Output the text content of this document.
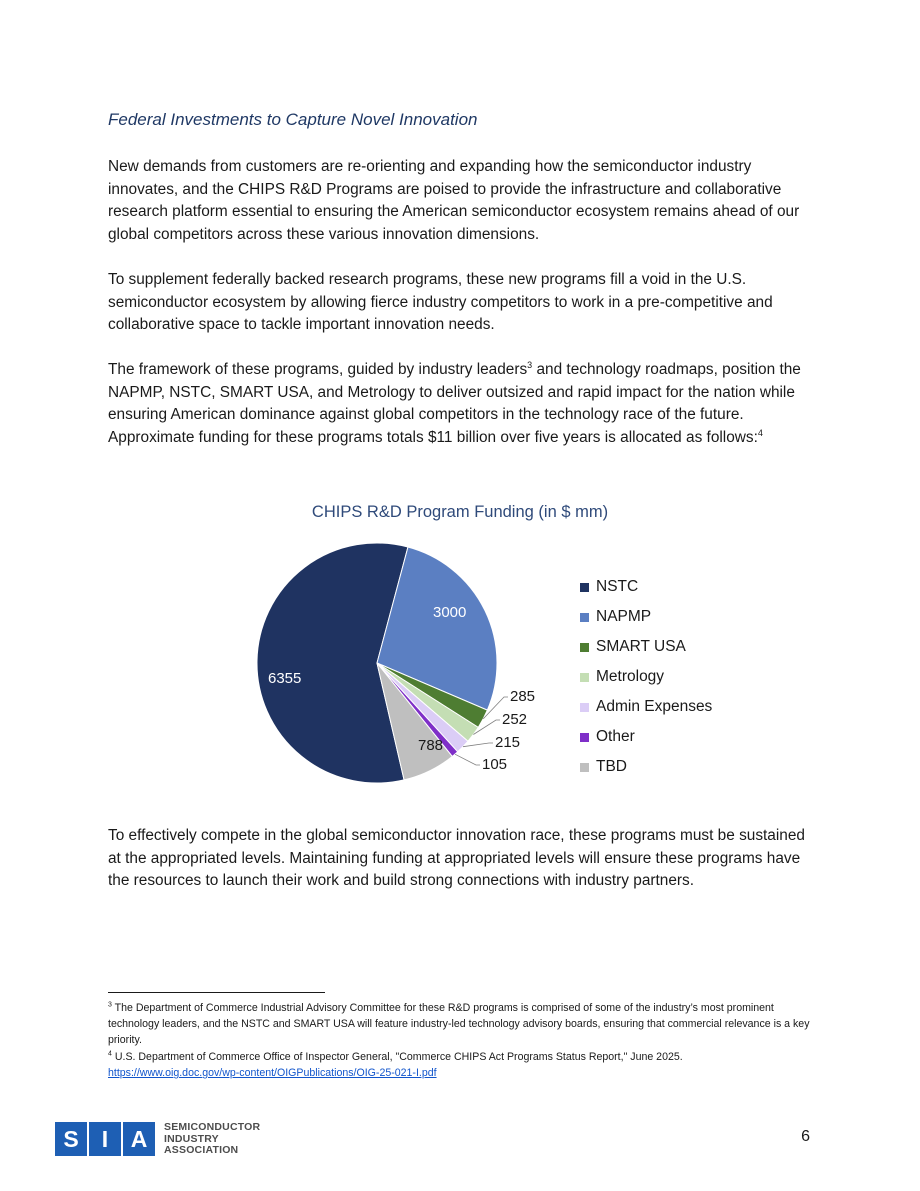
Federal Investments to Capture Novel Innovation

New demands from customers are re-orienting and expanding how the semiconductor industry innovates, and the CHIPS R&D Programs are poised to provide the infrastructure and collaborative research platform essential to ensuring the American semiconductor ecosystem remains ahead of our global competitors across these various innovation dimensions.

To supplement federally backed research programs, these new programs fill a void in the U.S. semiconductor ecosystem by allowing fierce industry competitors to work in a pre-competitive and collaborative space to tackle important innovation needs.

The framework of these programs, guided by industry leaders$^3$ and technology roadmaps, position the NAPMP, NSTC, SMART USA, and Metrology to deliver outsized and rapid impact for the nation while ensuring American dominance against global competitors in the technology race of the future. Approximate funding for these programs totals $11 billion over five years is allocated as follows:$^4$

CHIPS R&D Program Funding (in $ mm)
6355
3000
285
252
215
105
788
NSTC
NAPMP
SMART USA
Metrology
Admin Expenses
Other
TBD

To effectively compete in the global semiconductor innovation race, these programs must be sustained at the appropriated levels. Maintaining funding at appropriated levels will ensure these programs have the resources to launch their work and build strong connections with industry partners.

$^3$ The Department of Commerce Industrial Advisory Committee for these R&D programs is comprised of some of the industry’s most prominent technology leaders, and the NSTC and SMART USA will feature industry-led technology advisory boards, ensuring that commercial relevance is a key priority.

$^4$ U.S. Department of Commerce Office of Inspector General, "Commerce CHIPS Act Programs Status Report," June 2025.
https://www.oig.doc.gov/wp-content/OIGPublications/OIG-25-021-I.pdf

S	I A	SEMICONDUCTOR
INDUSTRY
ASSOCIATION
6
